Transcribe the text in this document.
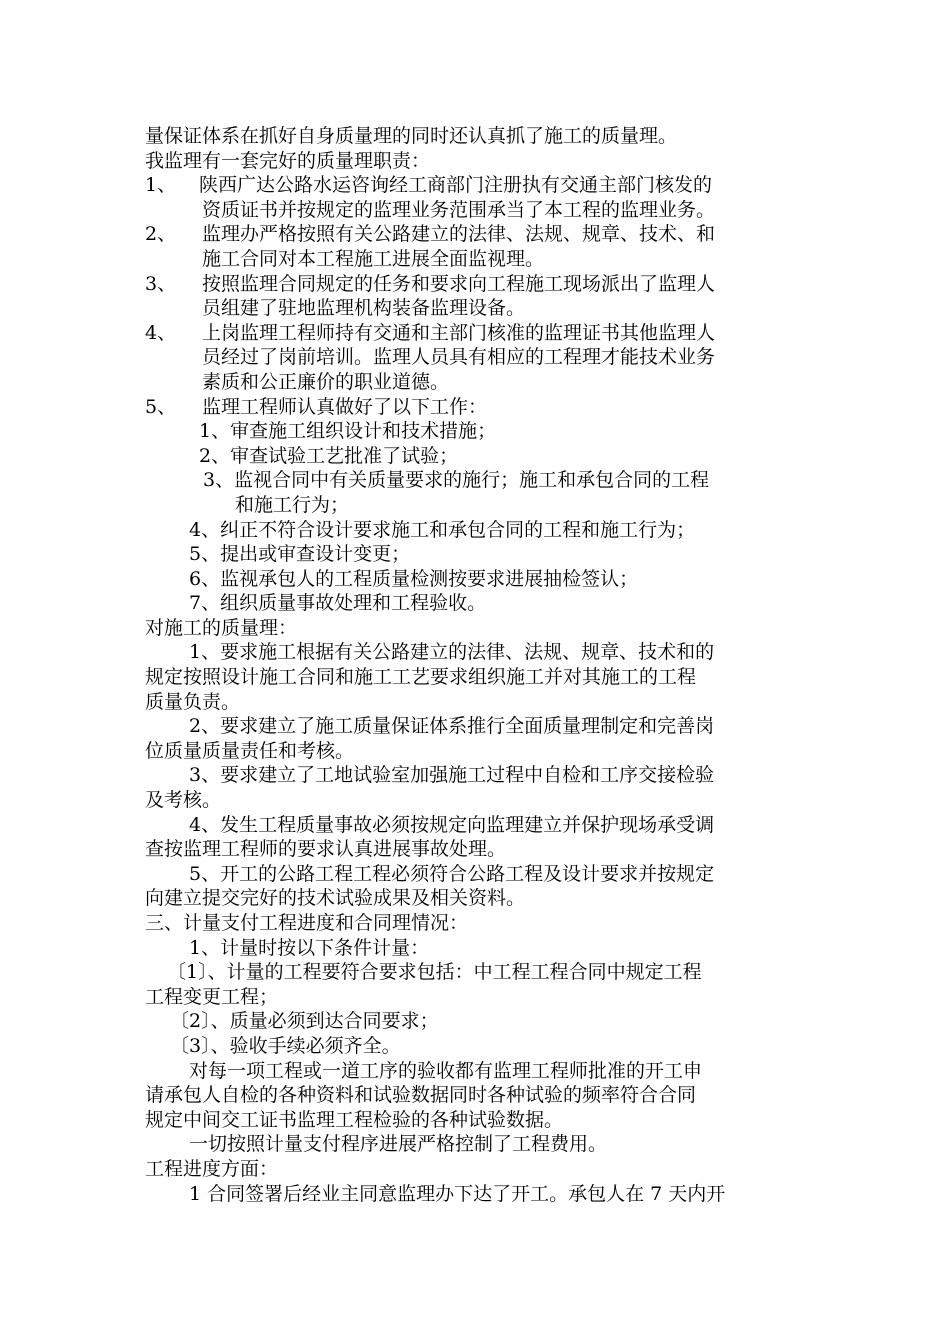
量保证体系在抓好自身质量理的同时还认真抓了施工的质量理。
我监理有一套完好的质量理职责：
1、 陕西广达公路水运咨询经工商部门注册执有交通主部门核发的
资质证书并按规定的监理业务范围承当了本工程的监理业务。
2、 监理办严格按照有关公路建立的法律、法规、规章、技术、和
施工合同对本工程施工进展全面监视理。
3、 按照监理合同规定的任务和要求向工程施工现场派出了监理人
员组建了驻地监理机构装备监理设备。
4、 上岗监理工程师持有交通和主部门核准的监理证书其他监理人
员经过了岗前培训。监理人员具有相应的工程理才能技术业务
素质和公正廉价的职业道德。
5、 监理工程师认真做好了以下工作：
1、审查施工组织设计和技术措施；
2、审查试验工艺批准了试验；
3、监视合同中有关质量要求的施行；施工和承包合同的工程
和施工行为；
4、纠正不符合设计要求施工和承包合同的工程和施工行为；
5、提出或审查设计变更；
6、监视承包人的工程质量检测按要求进展抽检签认；
7、组织质量事故处理和工程验收。
对施工的质量理：
1、要求施工根据有关公路建立的法律、法规、规章、技术和的
规定按照设计施工合同和施工工艺要求组织施工并对其施工的工程
质量负责。
2、要求建立了施工质量保证体系推行全面质量理制定和完善岗
位质量质量责任和考核。
3、要求建立了工地试验室加强施工过程中自检和工序交接检验
及考核。
4、发生工程质量事故必须按规定向监理建立并保护现场承受调
查按监理工程师的要求认真进展事故处理。
5、开工的公路工程工程必须符合公路工程及设计要求并按规定
向建立提交完好的技术试验成果及相关资料。
三、计量支付工程进度和合同理情况：
1、计量时按以下条件计量：
〔1〕、计量的工程要符合要求包括：中工程工程合同中规定工程
工程变更工程；
〔2〕、质量必须到达合同要求；
〔3〕、验收手续必须齐全。
对每一项工程或一道工序的验收都有监理工程师批准的开工申
请承包人自检的各种资料和试验数据同时各种试验的频率符合合同
规定中间交工证书监理工程检验的各种试验数据。
一切按照计量支付程序进展严格控制了工程费用。
工程进度方面：
1 合同签署后经业主同意监理办下达了开工。承包人在 7 天内开
